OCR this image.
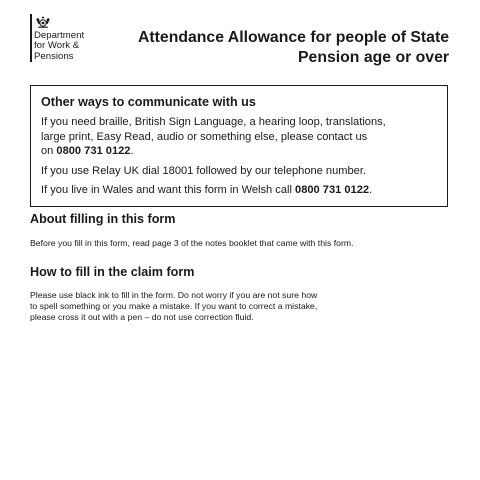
Department
for Work &
Pensions
Attendance Allowance for people of State
Pension age or over
Other ways to communicate with us
If you need braille, British Sign Language, a hearing loop, translations,
large print, Easy Read, audio or something else, please contact us
on 0800 731 0122.
If you use Relay UK dial 18001 followed by our telephone number.
If you live in Wales and want this form in Welsh call 0800 731 0122.
About filling in this form
Before you fill in this form, read page 3 of the notes booklet that came with this form.
How to fill in the claim form
Please use black ink to fill in the form. Do not worry if you are not sure how
to spell something or you make a mistake. If you want to correct a mistake,
please cross it out with a pen – do not use correction fluid.
